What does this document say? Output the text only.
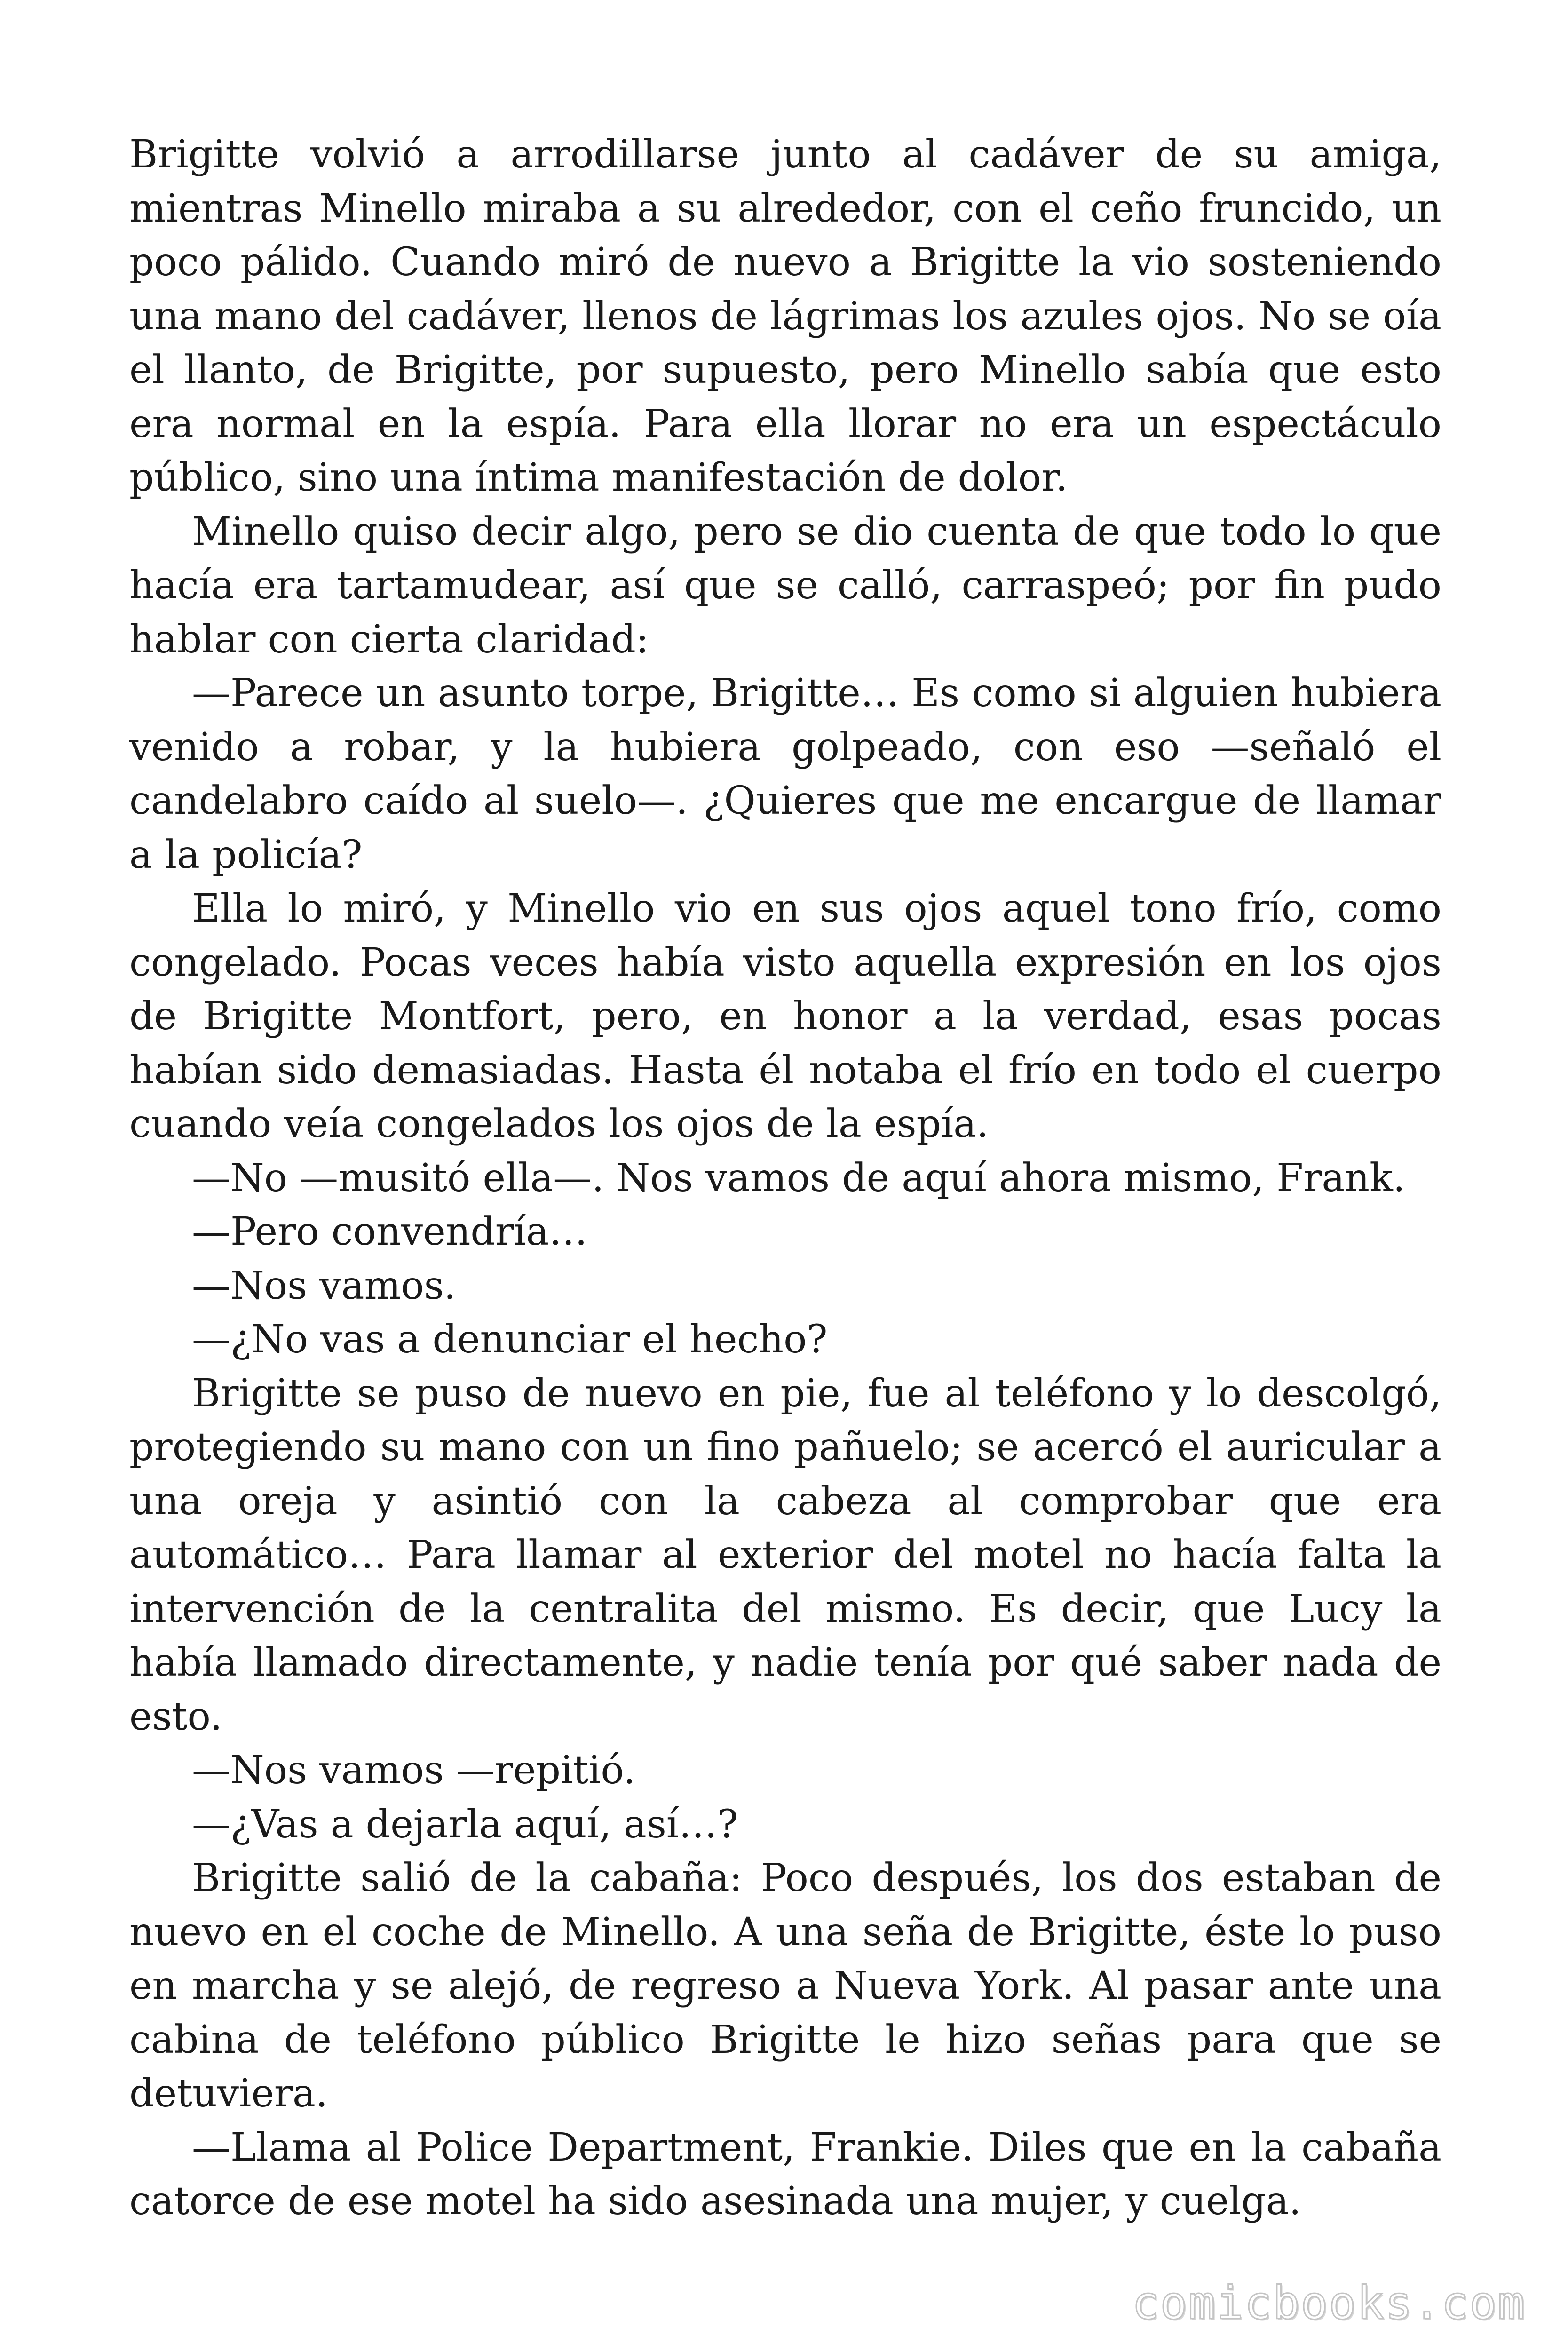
Brigitte volvió a arrodillarse junto al cadáver de su amiga, mientras Minello miraba a su alrededor, con el ceño fruncido, un poco pálido. Cuando miró de nuevo a Brigitte la vio sosteniendo una mano del cadáver, llenos de lágrimas los azules ojos. No se oía el llanto, de Brigitte, por supuesto, pero Minello sabía que esto era normal en la espía. Para ella llorar no era un espectáculo público, sino una íntima manifestación de dolor.

Minello quiso decir algo, pero se dio cuenta de que todo lo que hacía era tartamudear, así que se calló, carraspeó; por fin pudo hablar con cierta claridad:

—Parece un asunto torpe, Brigitte… Es como si alguien hubiera venido a robar, y la hubiera golpeado, con eso —señaló el candelabro caído al suelo—. ¿Quieres que me encargue de llamar a la policía?

Ella lo miró, y Minello vio en sus ojos aquel tono frío, como congelado. Pocas veces había visto aquella expresión en los ojos de Brigitte Montfort, pero, en honor a la verdad, esas pocas habían sido demasiadas. Hasta él notaba el frío en todo el cuerpo cuando veía congelados los ojos de la espía.

—No —musitó ella—. Nos vamos de aquí ahora mismo, Frank.

—Pero convendría…

—Nos vamos.

—¿No vas a denunciar el hecho?

Brigitte se puso de nuevo en pie, fue al teléfono y lo descolgó, protegiendo su mano con un fino pañuelo; se acercó el auricular a una oreja y asintió con la cabeza al comprobar que era automático… Para llamar al exterior del motel no hacía falta la intervención de la centralita del mismo. Es decir, que Lucy la había llamado directamente, y nadie tenía por qué saber nada de esto.

—Nos vamos —repitió.

—¿Vas a dejarla aquí, así…?

Brigitte salió de la cabaña: Poco después, los dos estaban de nuevo en el coche de Minello. A una seña de Brigitte, éste lo puso en marcha y se alejó, de regreso a Nueva York. Al pasar ante una cabina de teléfono público Brigitte le hizo señas para que se detuviera.

—Llama al Police Department, Frankie. Diles que en la cabaña catorce de ese motel ha sido asesinada una mujer, y cuelga.

comicbooks.com
